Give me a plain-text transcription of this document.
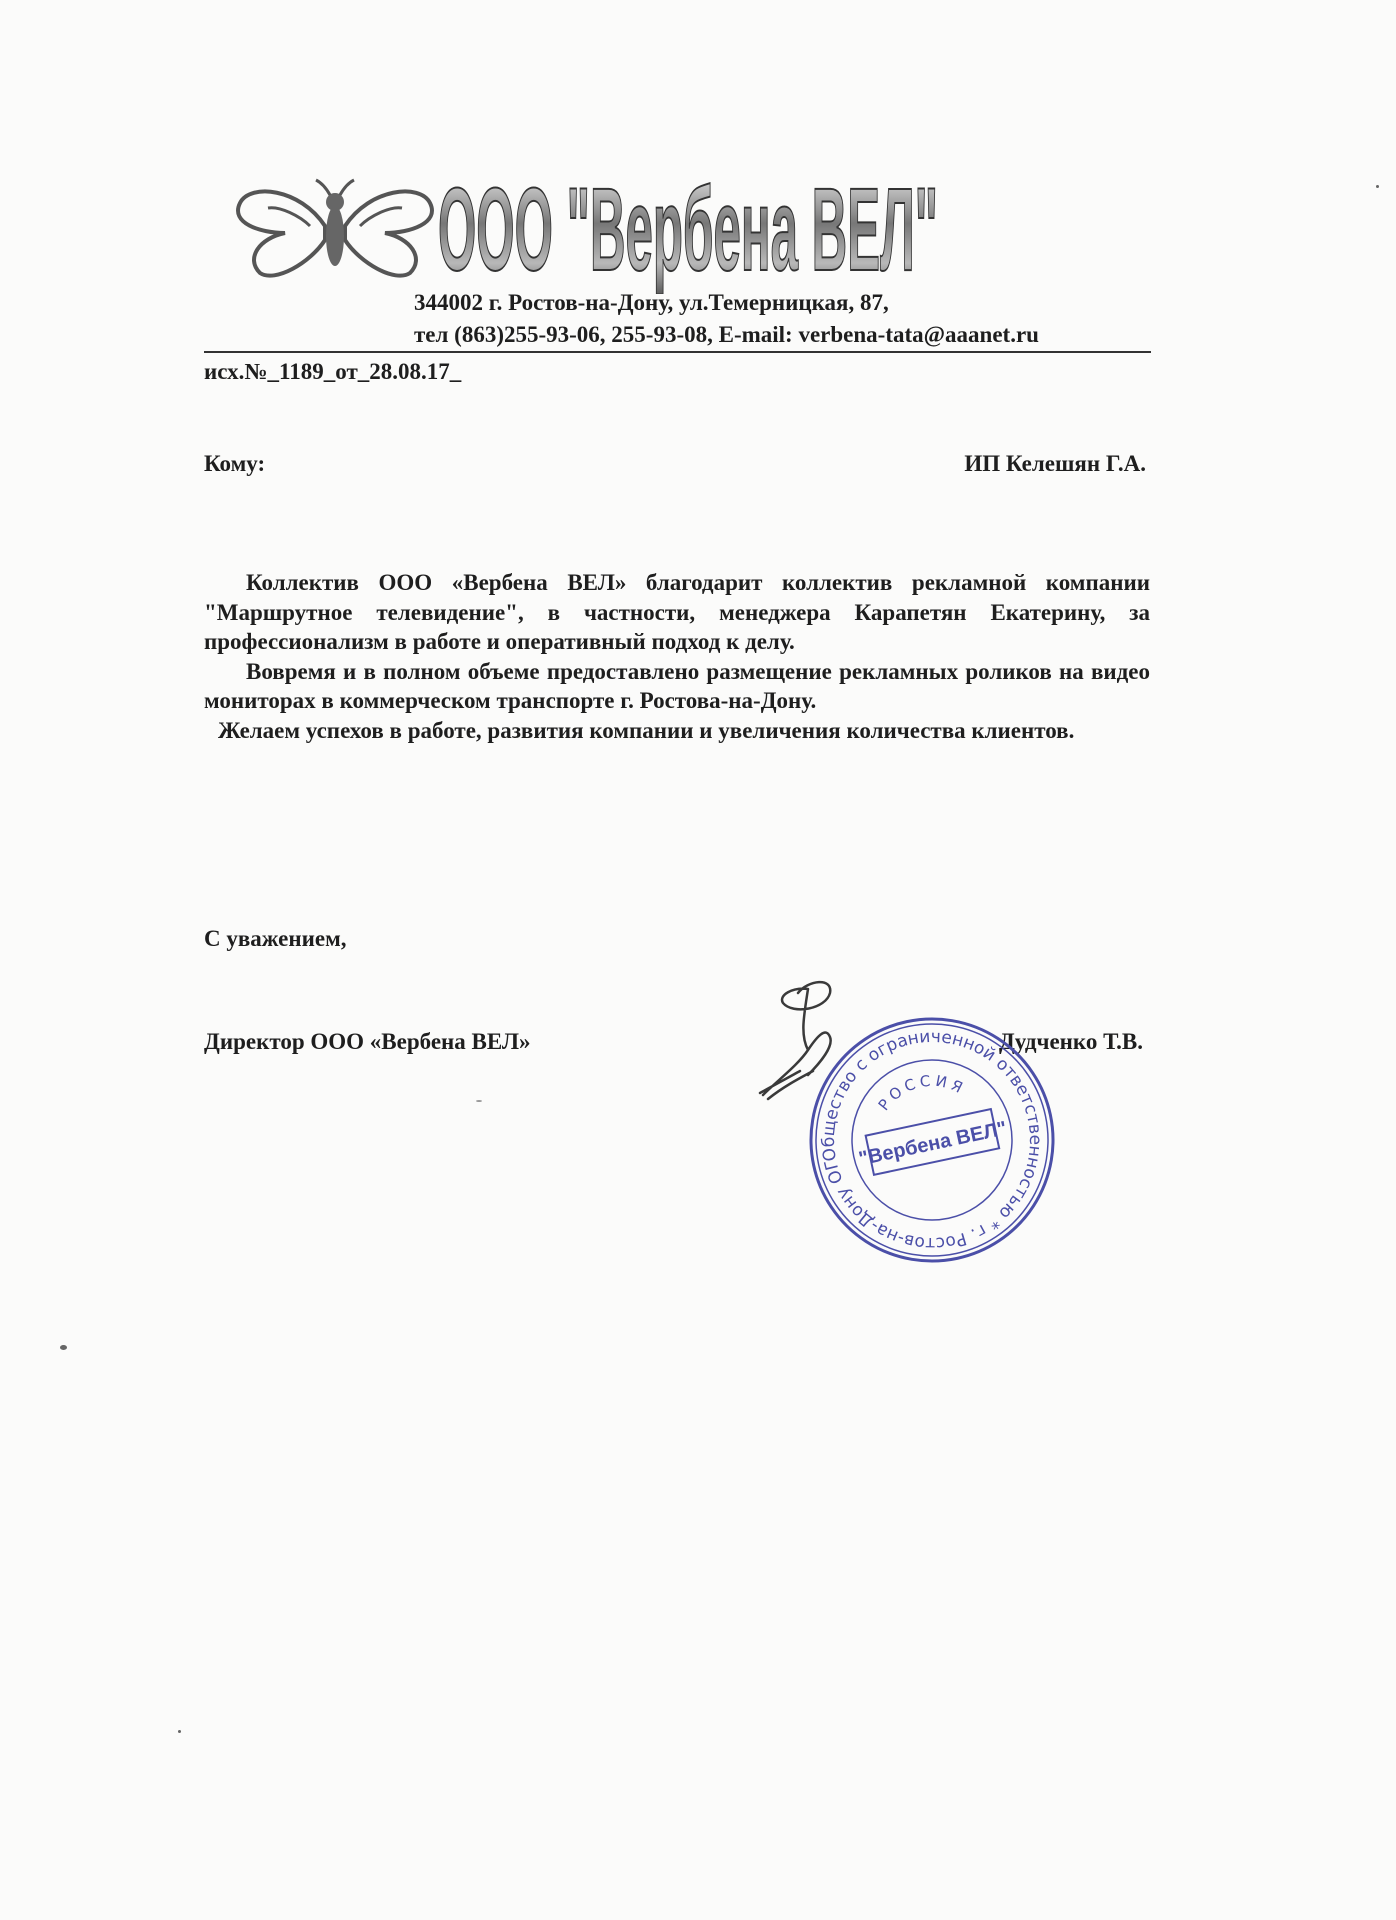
ООО "Вербена ВЕЛ"
344002 г. Ростов-на-Дону, ул.Темерницкая, 87,
тел (863)255-93-06, 255-93-08, E-mail: verbena-tata@aaanet.ru
исх.№_1189_от_28.08.17_
Кому:	ИП Келешян Г.А.

Коллектив ООО «Вербена ВЕЛ» благодарит коллектив рекламной компании "Маршрутное телевидение", в частности, менеджера Карапетян Екатерину, за профессионализм в работе и оперативный подход к делу.

Вовремя и в полном объеме предоставлено размещение рекламных роликов на видео мониторах в коммерческом транспорте г. Ростова-на-Дону.

Желаем успехов в работе, развития компании и увеличения количества клиентов.

С уважением,
Директор ООО «Вербена ВЕЛ»	Дудченко Т.В.
Общество с ограниченной ответственностью * г. Ростов-на-Дону ОГРН
РОССИЯ
"Вербена ВЕЛ"
